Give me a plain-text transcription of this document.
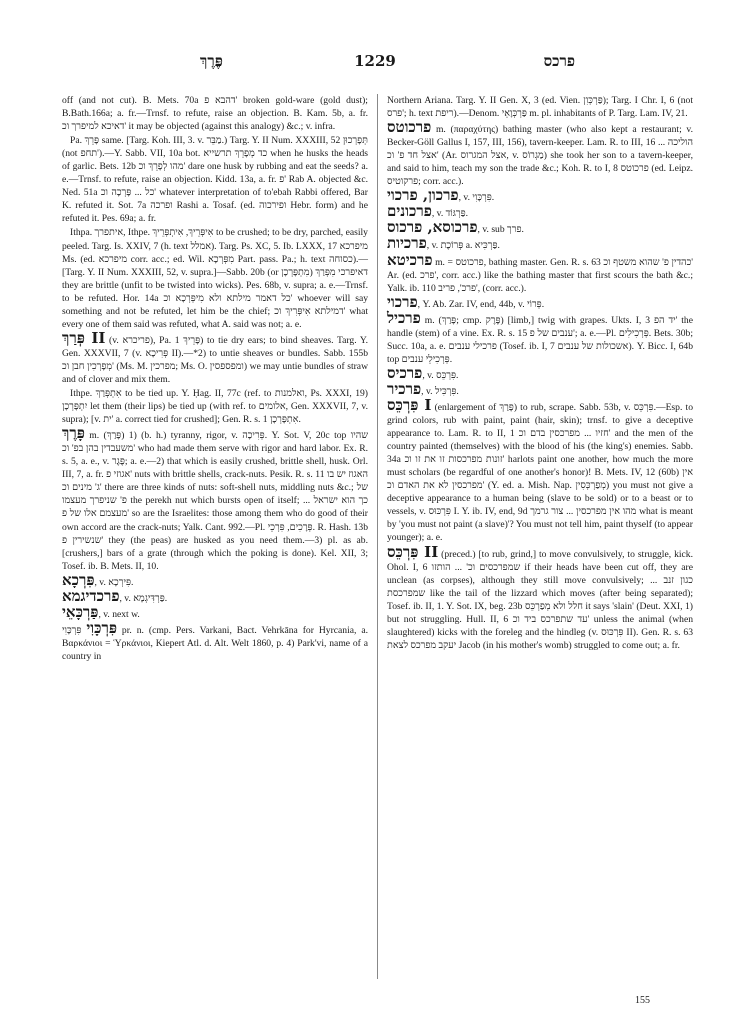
פֶּרֶךְ	1229	פרכס

off (and not cut). B. Mets. 70a דהבא פ' broken gold-ware (gold dust); B.Bath.166a; a. fr.—Trnsf. to refute, raise an objection. B. Kam. 5b, a. fr. דאיכא למיפרך וכ' it may be objected (against this analogy) &c.; v. infra.

Pa. פָּרֵךְ same. [Targ. Koh. III, 3. v. מַבֵּר.) Targ. Y. II Num. XXXIII, 52 תְּפָרְכוּן (not תחפ').—Y. Sabb. VII, 10a bot. כד מְפָרֵךְ תרשייא when he husks the heads of garlic. Bets. 12b מהו לְפָרֵךְ וכ' dare one husk by rubbing and eat the seeds? a. e.—Trnsf. to refute, raise an objection. Kidd. 13a, a. fr. פ' Rab A. objected &c. Ned. 51a כל ... פָּרְכָה וכ' whatever interpretation of to'ebah Rabbi offered, Bar K. refuted it. Sot. 7a ופרכה Rashi a. Tosaf. (ed. ופירכוה Hebr. form) and he refuted it. Pes. 69a; a. fr.

Ithpa. איתפרך, Ithpe. אִיפְּרֵיךְ, אִיתְפְּרֵיךְ to be crushed; to be dry, parched, easily peeled. Targ. Is. XXIV, 7 (h. text אמלל). Targ. Ps. XC, 5. Ib. LXXX, 17 מיפרכא Ms. (ed. מיפרכא corr. acc.; ed. Wil. מִפְּרְכָא Part. pass. Pa.; h. text כסוחה).—[Targ. Y. II Num. XXXIII, 52, v. supra.]—Sabb. 20b (or מִתְפָּרְכָן) דאיפרכי מִפְּרַךְ they are brittle (unfit to be twisted into wicks). Pes. 68b, v. supra; a. e.—Trnsf. to be refuted. Hor. 14a כל דאמר מילתא ולא מִיפְּרְכָא וכ' whoever will say something and not be refuted, let him be the chief; דמילתא אִיפְּרִיךְ וכ' what every one of them said was refuted, what A. said was not; a. e.

פְּרַךְ II (v. פריכרא), Pa. פָּרֵיךְ 1) to tie dry ears; to bind sheaves. Targ. Y. Gen. XXXVII, 7 (v. פְּרִיכָא II).—*2) to untie sheaves or bundles. Sabb. 155b מְפָרְכִין חבן וכ' (Ms. M. מפרכין; Ms. O. ומפספסין) we may untie bundles of straw and of clover and mix them.

Ithpe. אִתְפְּרַךְ to be tied up. Y. Ḥag. II, 77c (ref. to ואלמנות, Ps. XXXI, 19) יִתְפָּרְכָן let them (their lips) be tied up (with ref. to אלומים, Gen. XXXVII, 7, v. supra); [v. ית' a. correct tied for crushed]; Gen. R. s. 1 אִתְפָּרְכָן.

פָּרֶךְ m. (פָּרַךְ) 1) (b. h.) tyranny, rigor, v. פְּרִיכָה. Y. Sot. V, 20c top שהיו משעבדין בהן בפ' וכ' who had made them serve with rigor and hard labor. Ex. R. s. 5, a. e., v. פֶּגֶר; a. e.—2) that which is easily crushed, brittle shell, husk. Orl. III, 7, a. fr. אגוזי פ' nuts with brittle shells, crack-nuts. Pesik. R. s. 11 האגוז יש בו ג' מינים וכ' there are three kinds of nuts: soft-shell nuts, middling nuts &c.; של פ' שניפרך מעצמו the perekh nut which bursts open of itself; כך הוא ישראל ... מעצמם אלו של פ' so are the Israelites: those among them who do good of their own accord are the crack-nuts; Yalk. Cant. 992.—Pl. פְּרָכִים, פִּרְכֵי. R. Hash. 13b שנשירין פ' they (the peas) are husked as you need them.—3) pl. as ab. [crushers,] bars of a grate (through which the poking is done). Kel. XII, 3; Tosef. ib. B. Mets. II, 10.

פִּרְכָא, v. פִּירְכָא.

פרכדיגמא, v. פַּרְדִּיגְמָא.

פַּרְכָּאֵי, v. next w.

פִּרְכָּוִי פִּרְכָּוִי pr. n. (cmp. Pers. Varkani, Bact. Vehrkāna for Hyrcania, a. Βαρκάνιοι = Ὑρκάνιοι, Kiepert Atl. d. Alt. Welt 1860, p. 4) Park'vi, name of a country in

Northern Ariana. Targ. Y. II Gen. X, 3 (ed. Vien. פַּרְכְּוִן); Targ. I Chr. I, 6 (not פרס'; h. text ריפת).—Denom. פַּרְכְּוָאֵי m. pl. inhabitants of P. Targ. Lam. IV, 21.

פרכוטס m. (παραχύτης) bathing master (who also kept a restaurant; v. Becker-Göll Gallus I, 157, III, 156), tavern-keeper. Lam. R. to III, 16 הוליכה ... אצל חד פ' וכ' (Ar. אצל המגרוס, v. מַגְרוֹס) she took her son to a tavern-keeper, and said to him, teach my son the trade &c.; Koh. R. to I, 8 פרכוטס (ed. Leipz. פרקוטיס; corr. acc.).

פרכון, פרכוי, v. פִּרְכָּוִי.

פרכונים, v. פַּרְגּוֹד.

פרכוסא, פרכוס, v. sub פרך.

פרכיות, v. פְּרוֹכֶת a. פַּרְכִּיא.

פרכיטא m. = פרכוטס, bathing master. Gen. R. s. 63 כהדין פ' שהוא משטף וכ' Ar. (ed. פרכ', corr. acc.) like the bathing master that first scours the bath &c.; Yalk. ib. 110 פרכ', פריב', (corr. acc.).

פרכוי, Y. Ab. Zar. IV, end, 44b, v. פְּרוֹי.

פרכיל m. (פָּרַךְ; cmp. פֶּרֶק) [limb,] twig with grapes. Ukts. I, 3 יד הפ' the handle (stem) of a vine. Ex. R. s. 15 ענבים של פ'; a. e.—Pl. פְּרְכִילִים. Bets. 30b; Succ. 10a, a. e. פרכילי ענבים (Tosef. ib. I, 7 אשכולות של ענבים). Y. Bicc. I, 64b top פְּרְכִילֵי ענבים.

פרכיס, v. פִּרְכֵּס.

פרכיר, v. פִּרְכִּיל.

פִּרְכֵּס I (enlargement of פָּרַךְ) to rub, scrape. Sabb. 53b, v. פִּרְכֵּס.—Esp. to grind colors, rub with paint, paint (hair, skin); trnsf. to give a deceptive appearance to. Lam. R. to II, 1 חזיו ... מפרכסין בדם וכ' and the men of the country painted (themselves) with the blood of his (the king's) enemies. Sabb. 34a זונות מפרכסות זו את זו וכ' harlots paint one another, how much the more must scholars (be regardful of one another's honor)! B. Mets. IV, 12 (60b) אין מפרכסין לא את האדם וכ' (Y. ed. a. Mish. Nap. מְפַרְכְּסִין) you must not give a deceptive appearance to a human being (slave to be sold) or to a beast or to vessels, v. פִּרְכּוּס I. Y. ib. IV, end, 9d מהו אין מפרכסין ... צור גרמך what is meant by 'you must not paint (a slave)'? You must not tell him, paint thyself (to appear younger); a. e.

פִּרְכֵּס II (preced.) [to rub, grind,] to move convulsively, to struggle, kick. Ohol. I, 6 שמפרכסים וכ' ... הותזו if their heads have been cut off, they are unclean (as corpses), although they still move convulsively; כגון זנב ... שמפרכסת like the tail of the lizzard which moves (after being separated); Tosef. ib. II, 1. Y. Sot. IX, beg. 23b חלל ולא מְפַרְכֵּס it says 'slain' (Deut. XXI, 1) but not struggling. Hull. II, 6 עד שתפרכס ביד וכ' unless the animal (when slaughtered) kicks with the foreleg and the hindleg (v. פִּרְכּוּס II). Gen. R. s. 63 יעקב מפרכס לצאת Jacob (in his mother's womb) struggled to come out; a. fr.

155
